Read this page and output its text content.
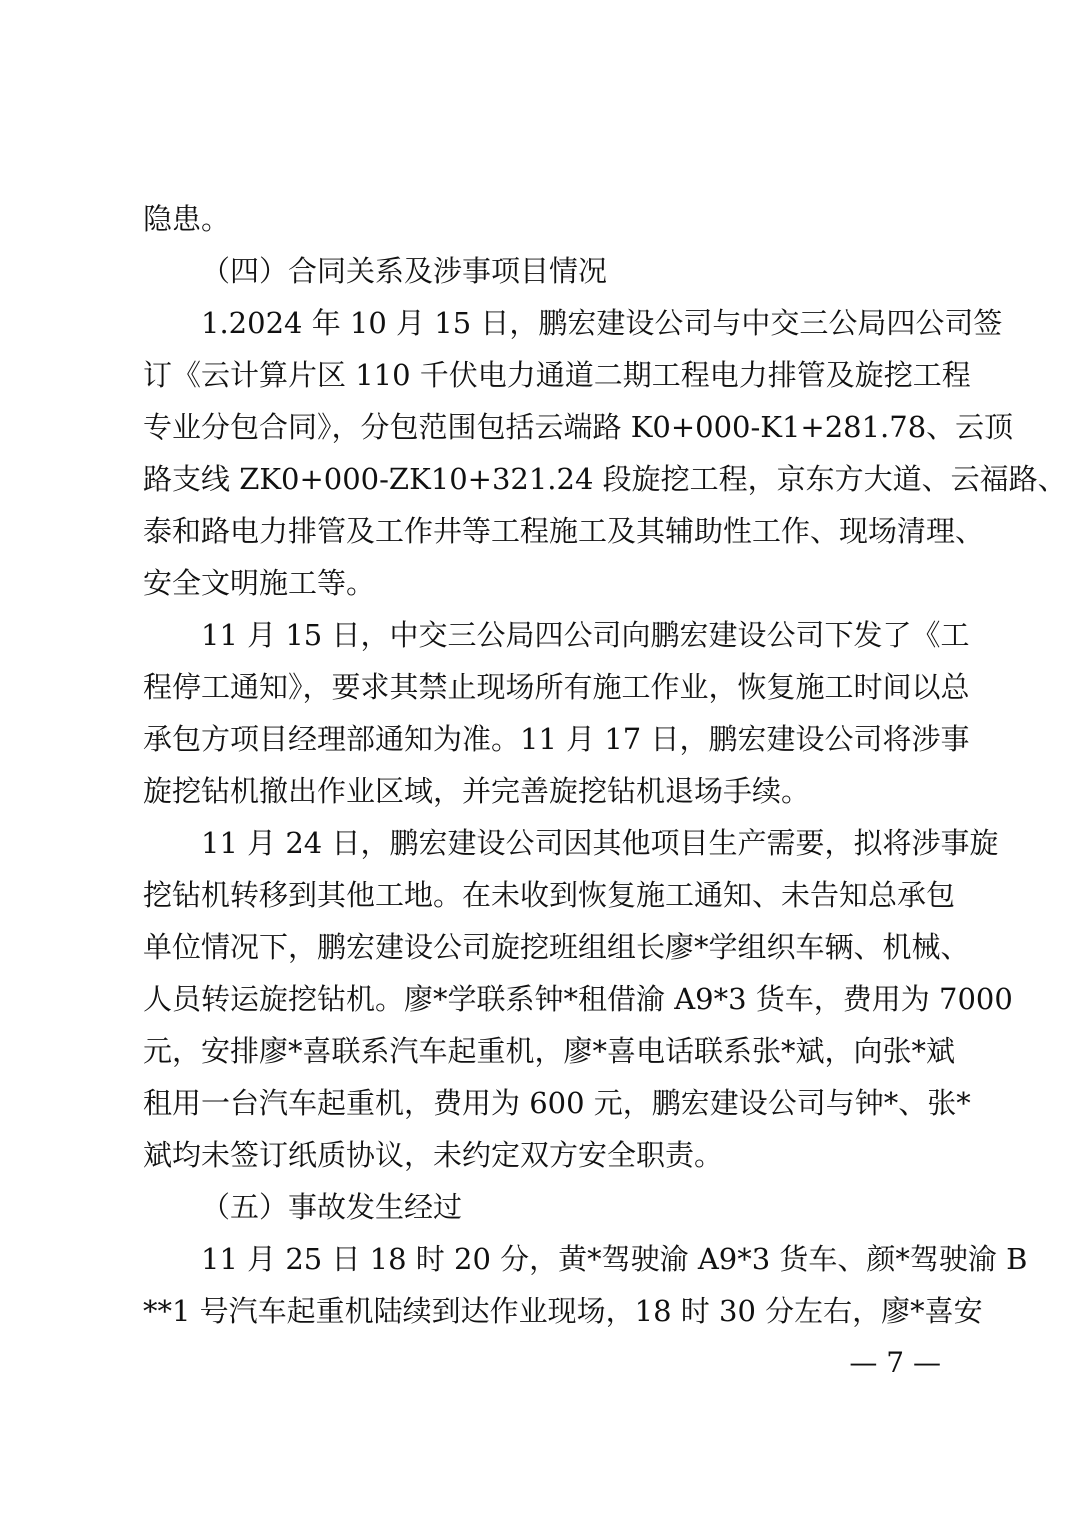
隐患。
（四）合同关系及涉事项目情况
1.2024 年 10 月 15 日，鹏宏建设公司与中交三公局四公司签
订《云计算片区 110 千伏电力通道二期工程电力排管及旋挖工程
专业分包合同》，分包范围包括云端路 K0+000-K1+281.78、云顶
路支线 ZK0+000-ZK10+321.24 段旋挖工程，京东方大道、云福路、
泰和路电力排管及工作井等工程施工及其辅助性工作、现场清理、
安全文明施工等。
11 月 15 日，中交三公局四公司向鹏宏建设公司下发了《工
程停工通知》，要求其禁止现场所有施工作业，恢复施工时间以总
承包方项目经理部通知为准。11 月 17 日，鹏宏建设公司将涉事
旋挖钻机撤出作业区域，并完善旋挖钻机退场手续。
11 月 24 日，鹏宏建设公司因其他项目生产需要，拟将涉事旋
挖钻机转移到其他工地。在未收到恢复施工通知、未告知总承包
单位情况下，鹏宏建设公司旋挖班组组长廖*学组织车辆、机械、
人员转运旋挖钻机。廖*学联系钟*租借渝 A9*3 货车，费用为 7000
元，安排廖*喜联系汽车起重机，廖*喜电话联系张*斌，向张*斌
租用一台汽车起重机，费用为 600 元，鹏宏建设公司与钟*、张*
斌均未签订纸质协议，未约定双方安全职责。
（五）事故发生经过
11 月 25 日 18 时 20 分，黄*驾驶渝 A9*3 货车、颜*驾驶渝 B
**1 号汽车起重机陆续到达作业现场，18 时 30 分左右，廖*喜安
— 7 —
